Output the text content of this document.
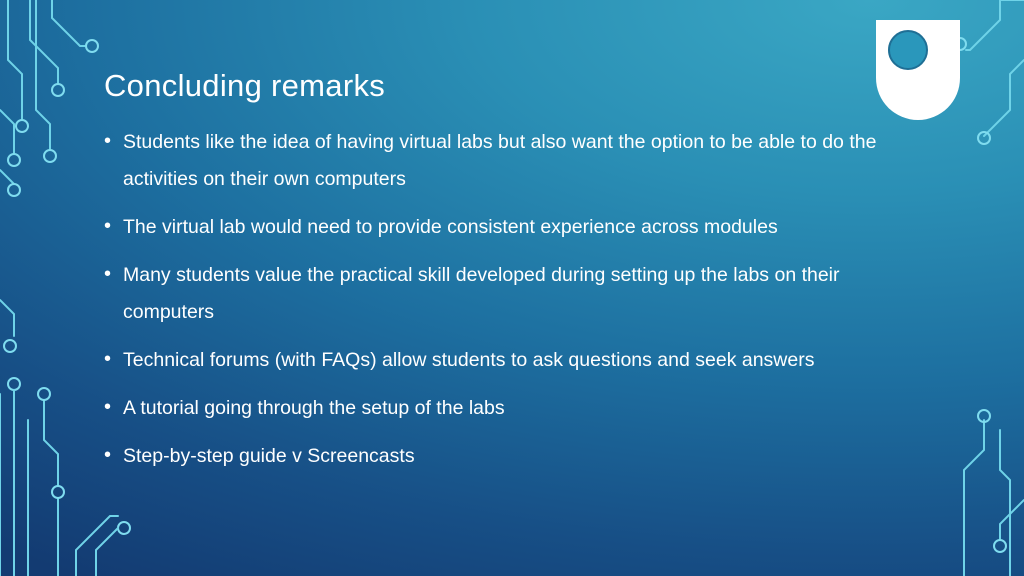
Concluding remarks
• Students like the idea of having virtual labs but also want the option to be able to do the activities on their own computers
• The virtual lab would need to provide consistent experience across modules
• Many students value the practical skill developed during setting up the labs on their computers
• Technical forums (with FAQs) allow students to ask questions and seek answers
• A tutorial going through the setup of the labs
• Step-by-step guide v Screencasts
